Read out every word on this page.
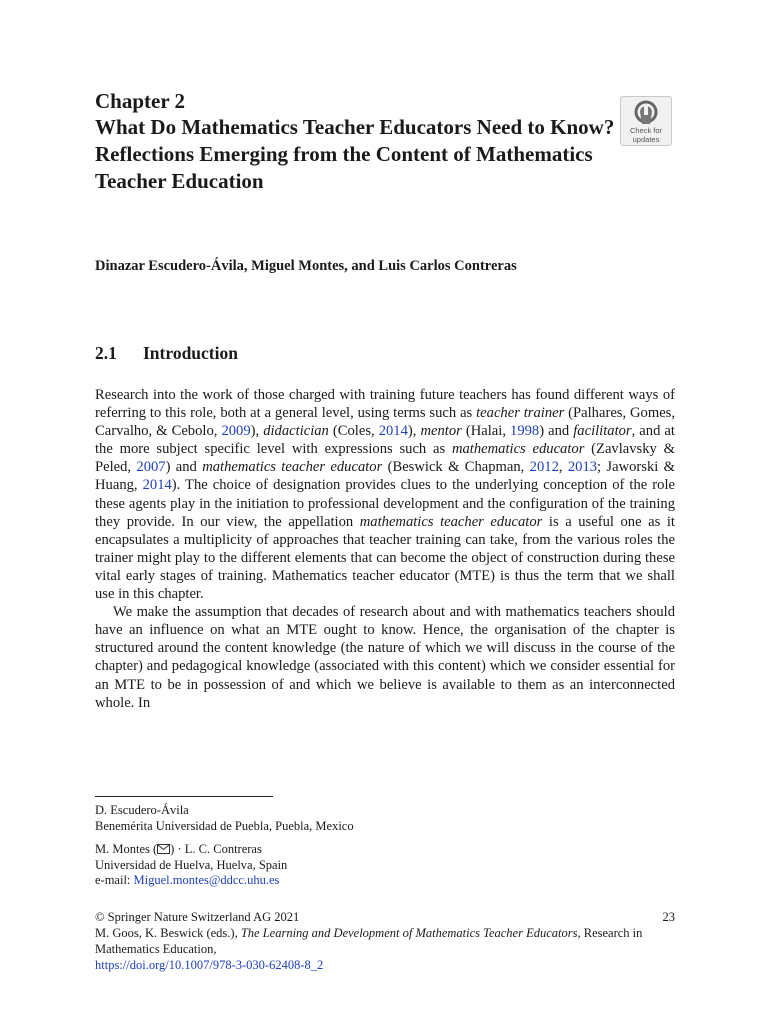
Chapter 2
What Do Mathematics Teacher Educators Need to Know? Reflections Emerging from the Content of Mathematics Teacher Education
Check for
updates
Dinazar Escudero-Ávila, Miguel Montes, and Luis Carlos Contreras
2.1 Introduction

Research into the work of those charged with training future teachers has found different ways of referring to this role, both at a general level, using terms such as teacher trainer (Palhares, Gomes, Carvalho, & Cebolo, 2009), didactician (Coles, 2014), mentor (Halai, 1998) and facilitator, and at the more subject specific level with expressions such as mathematics educator (Zavlavsky & Peled, 2007) and mathematics teacher educator (Beswick & Chapman, 2012, 2013; Jaworski & Huang, 2014). The choice of designation provides clues to the underlying conception of the role these agents play in the initiation to professional development and the configuration of the training they provide. In our view, the appellation mathematics teacher educator is a useful one as it encapsulates a multiplicity of approaches that teacher training can take, from the various roles the trainer might play to the different elements that can become the object of construction during these vital early stages of training. Mathematics teacher educator (MTE) is thus the term that we shall use in this chapter.

We make the assumption that decades of research about and with mathematics teachers should have an influence on what an MTE ought to know. Hence, the organisation of the chapter is structured around the content knowledge (the nature of which we will discuss in the course of the chapter) and pedagogical knowledge (associated with this content) which we consider essential for an MTE to be in possession of and which we believe is available to them as an interconnected whole. In

D. Escudero-Ávila
Benemérita Universidad de Puebla, Puebla, Mexico
M. Montes ( ) · L. C. Contreras
Universidad de Huelva, Huelva, Spain
e-mail: Miguel.montes@ddcc.uhu.es
© Springer Nature Switzerland AG 2021
M. Goos, K. Beswick (eds.), The Learning and Development of Mathematics Teacher Educators, Research in Mathematics Education,
https://doi.org/10.1007/978-3-030-62408-8_2
23
